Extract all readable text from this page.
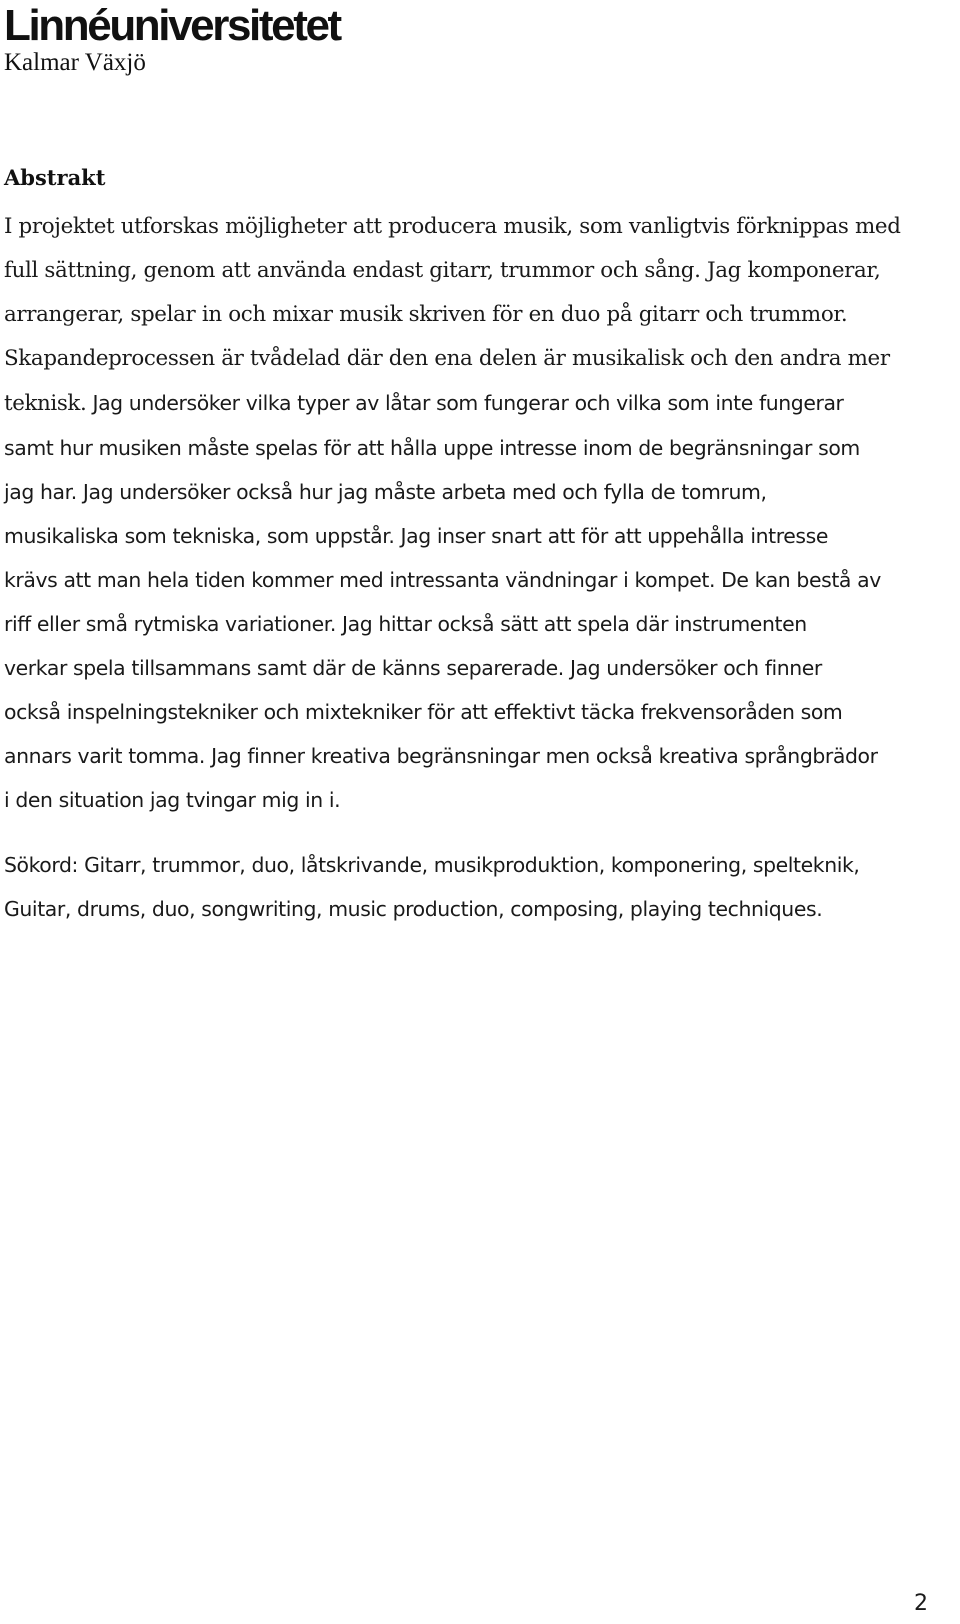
Linnéuniversitetet
Kalmar Växjö
Abstrakt
I projektet utforskas möjligheter att producera musik, som vanligtvis förknippas med
full sättning, genom att använda endast gitarr, trummor och sång. Jag komponerar,
arrangerar, spelar in och mixar musik skriven för en duo på gitarr och trummor.
Skapandeprocessen är tvådelad där den ena delen är musikalisk och den andra mer
teknisk. Jag undersöker vilka typer av låtar som fungerar och vilka som inte fungerar
samt hur musiken måste spelas för att hålla uppe intresse inom de begränsningar som
jag har. Jag undersöker också hur jag måste arbeta med och fylla de tomrum,
musikaliska som tekniska, som uppstår. Jag inser snart att för att uppehålla intresse
krävs att man hela tiden kommer med intressanta vändningar i kompet. De kan bestå av
riff eller små rytmiska variationer. Jag hittar också sätt att spela där instrumenten
verkar spela tillsammans samt där de känns separerade. Jag undersöker och finner
också inspelningstekniker och mixtekniker för att effektivt täcka frekvensoråden som
annars varit tomma. Jag finner kreativa begränsningar men också kreativa språngbrädor
i den situation jag tvingar mig in i.
Sökord: Gitarr, trummor, duo, låtskrivande, musikproduktion, komponering, spelteknik,
Guitar, drums, duo, songwriting, music production, composing, playing techniques.
2
